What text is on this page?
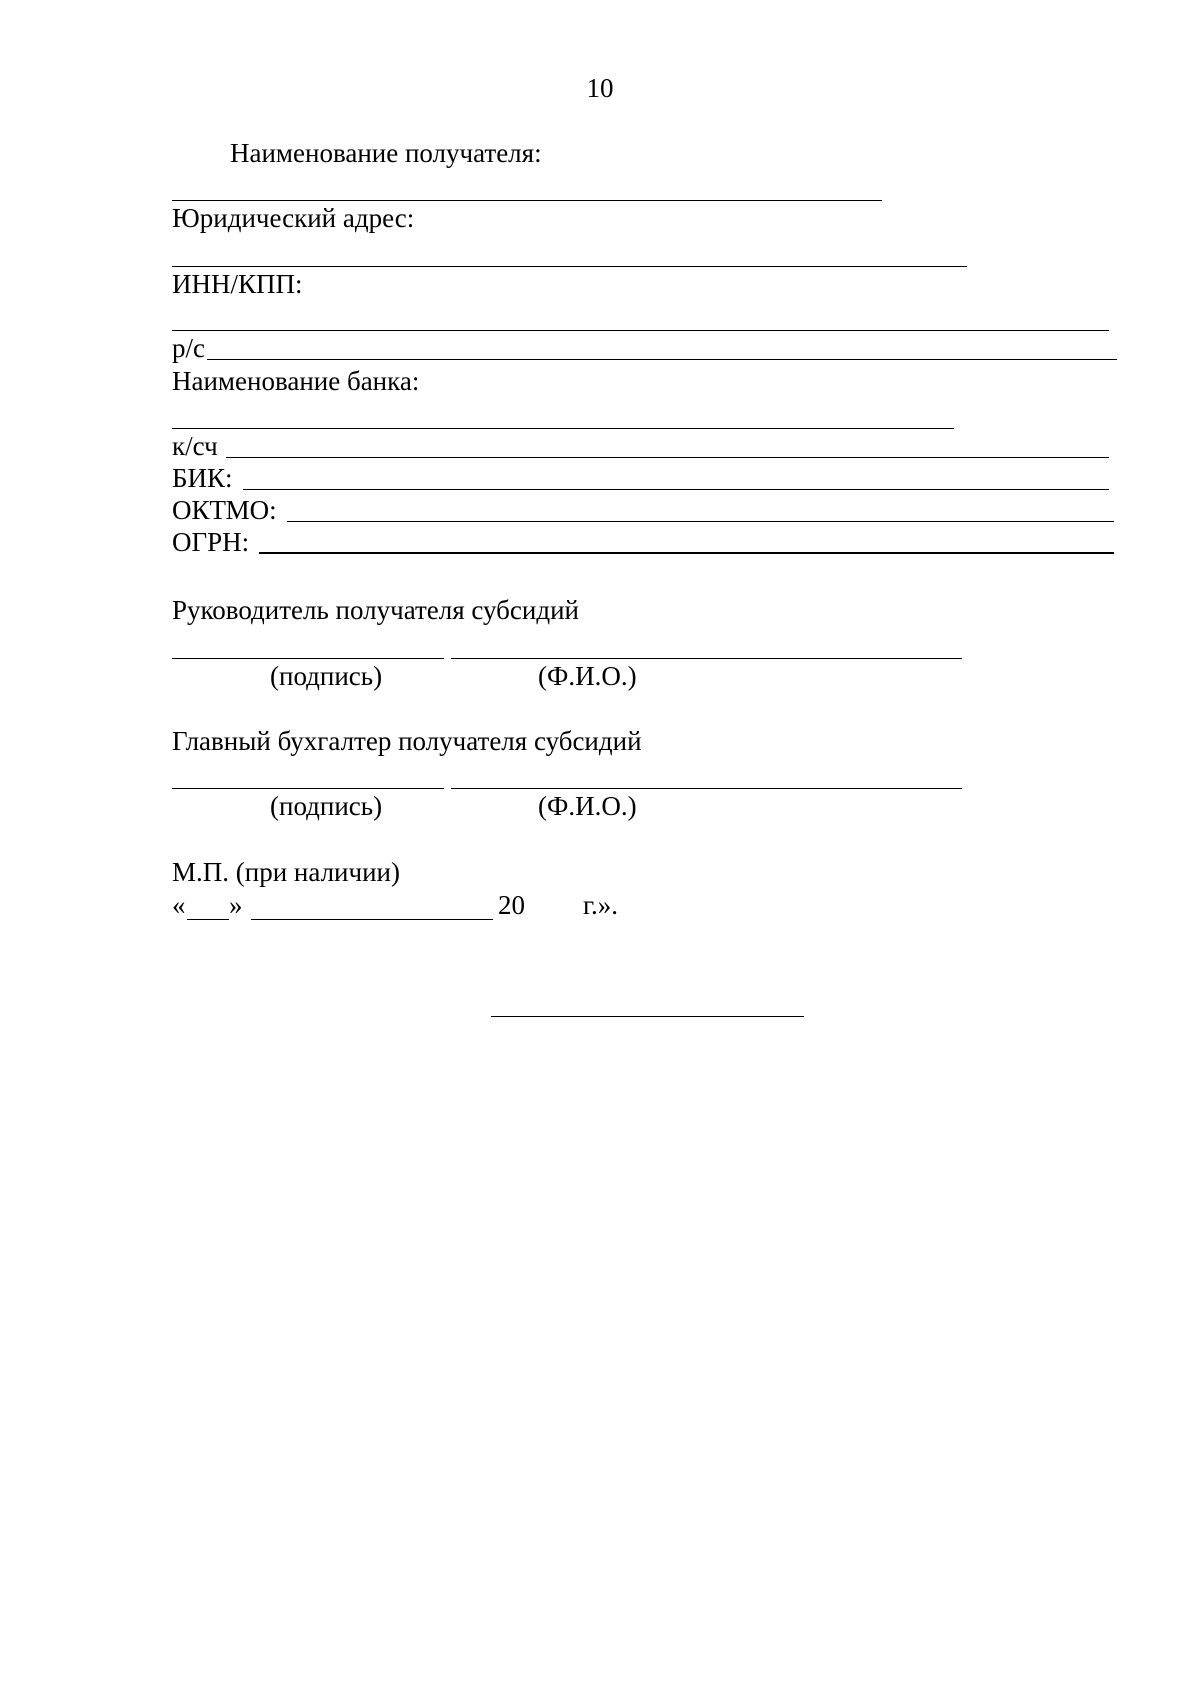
10
Наименование получателя:
Юридический адрес:
ИНН/КПП:
р/с
Наименование банка:
к/сч
БИК:
ОКТМО:
ОГРН:
Руководитель получателя субсидий
(подпись)	(Ф.И.О.)
Главный бухгалтер получателя субсидий
(подпись)	(Ф.И.О.)
М.П. (при наличии)
« »	20 г.».
